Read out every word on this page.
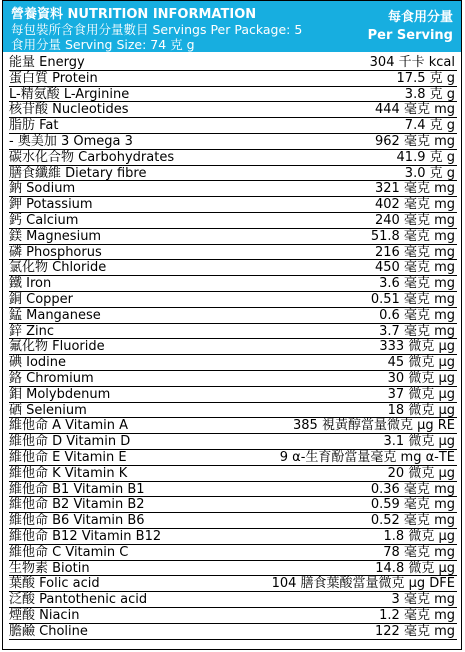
營養資料 NUTRITION INFORMATION
每包裝所含食用分量數目 Servings Per Package: 5
食用分量 Serving Size: 74 克 g
每食用分量
Per Serving
能量 Energy	304 千卡 kcal
蛋白質 Protein	17.5 克 g
L-精氨酸 L-Arginine	3.8 克 g
核苷酸 Nucleotides	444 毫克 mg
脂肪 Fat	7.4 克 g
- 奧美加 3 Omega 3	962 毫克 mg
碳水化合物 Carbohydrates	41.9 克 g
膳食纖維 Dietary fibre	3.0 克 g
鈉 Sodium	321 毫克 mg
鉀 Potassium	402 毫克 mg
鈣 Calcium	240 毫克 mg
鎂 Magnesium	51.8 毫克 mg
磷 Phosphorus	216 毫克 mg
氯化物 Chloride	450 毫克 mg
鐵 Iron	3.6 毫克 mg
銅 Copper	0.51 毫克 mg
錳 Manganese	0.6 毫克 mg
鋅 Zinc	3.7 毫克 mg
氟化物 Fluoride	333 微克 µg
碘 Iodine	45 微克 µg
鉻 Chromium	30 微克 µg
鉬 Molybdenum	37 微克 µg
硒 Selenium	18 微克 µg
維他命 A Vitamin A	385 視黃醇當量微克 µg RE
維他命 D Vitamin D	3.1 微克 µg
維他命 E Vitamin E	9 α-生育酚當量毫克 mg α-TE
維他命 K Vitamin K	20 微克 µg
維他命 B1 Vitamin B1	0.36 毫克 mg
維他命 B2 Vitamin B2	0.59 毫克 mg
維他命 B6 Vitamin B6	0.52 毫克 mg
維他命 B12 Vitamin B12	1.8 微克 µg
維他命 C Vitamin C	78 毫克 mg
生物素 Biotin	14.8 微克 µg
葉酸 Folic acid	104 膳食葉酸當量微克 µg DFE
泛酸 Pantothenic acid	3 毫克 mg
煙酸 Niacin	1.2 毫克 mg
膽鹼 Choline	122 毫克 mg
